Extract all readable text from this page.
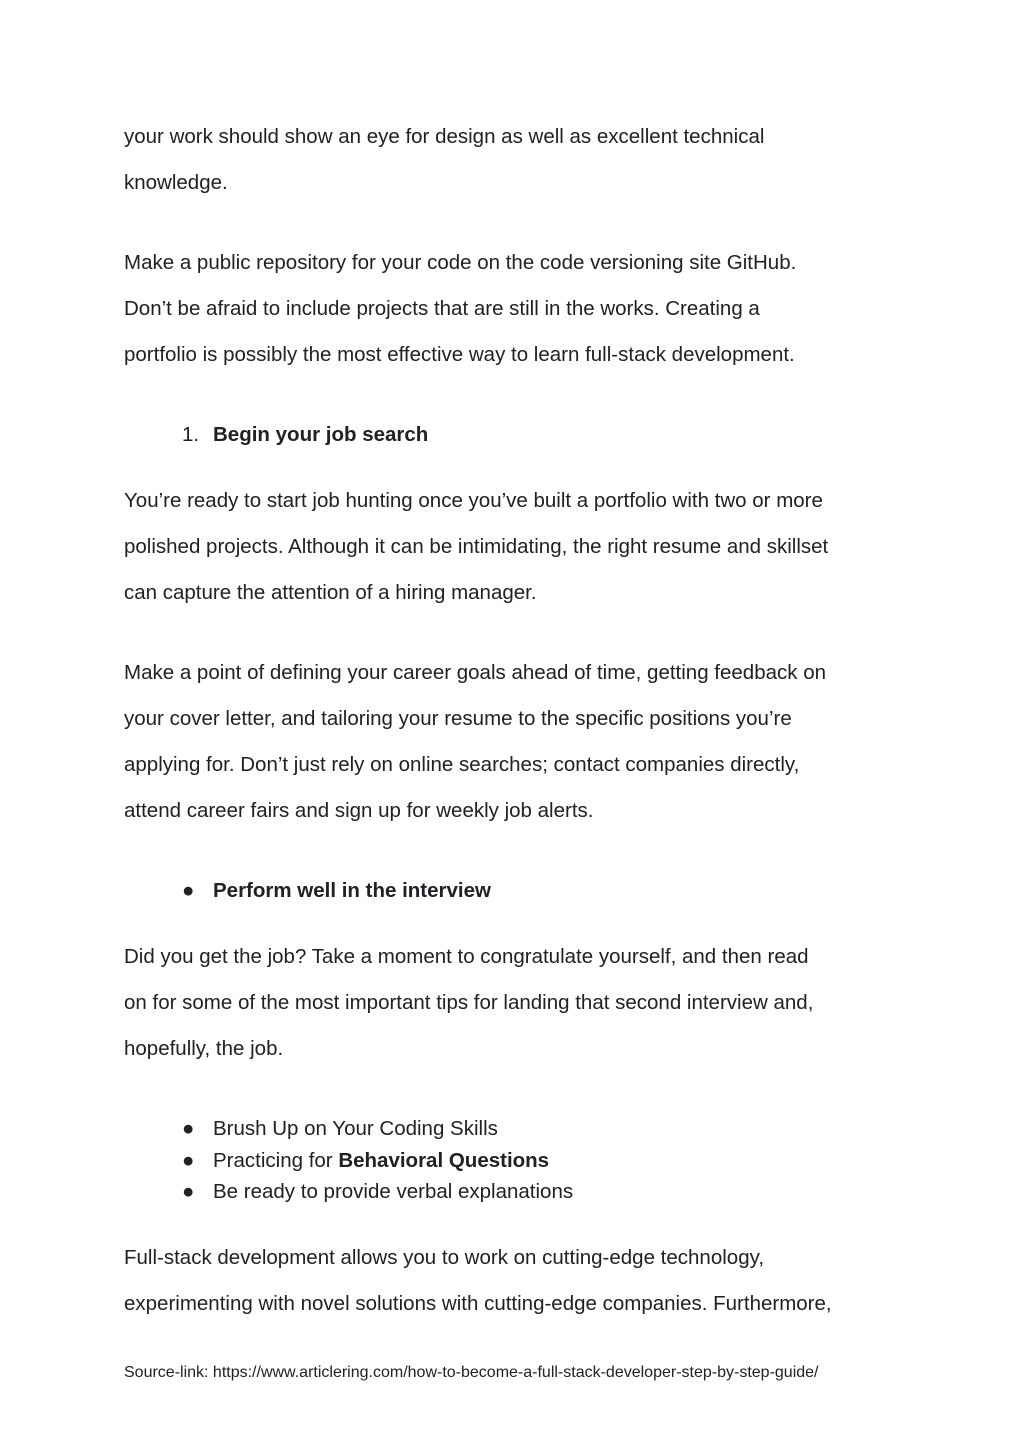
your work should show an eye for design as well as excellent technical
knowledge.
Make a public repository for your code on the code versioning site GitHub.
Don’t be afraid to include projects that are still in the works. Creating a
portfolio is possibly the most effective way to learn full-stack development.
1. Begin your job search
You’re ready to start job hunting once you’ve built a portfolio with two or more
polished projects. Although it can be intimidating, the right resume and skillset
can capture the attention of a hiring manager.
Make a point of defining your career goals ahead of time, getting feedback on
your cover letter, and tailoring your resume to the specific positions you’re
applying for. Don’t just rely on online searches; contact companies directly,
attend career fairs and sign up for weekly job alerts.
● Perform well in the interview
Did you get the job? Take a moment to congratulate yourself, and then read
on for some of the most important tips for landing that second interview and,
hopefully, the job.
● Brush Up on Your Coding Skills
● Practicing for Behavioral Questions
● Be ready to provide verbal explanations
Full-stack development allows you to work on cutting-edge technology,
experimenting with novel solutions with cutting-edge companies. Furthermore,
Source-link: https://www.articlering.com/how-to-become-a-full-stack-developer-step-by-step-guide/
